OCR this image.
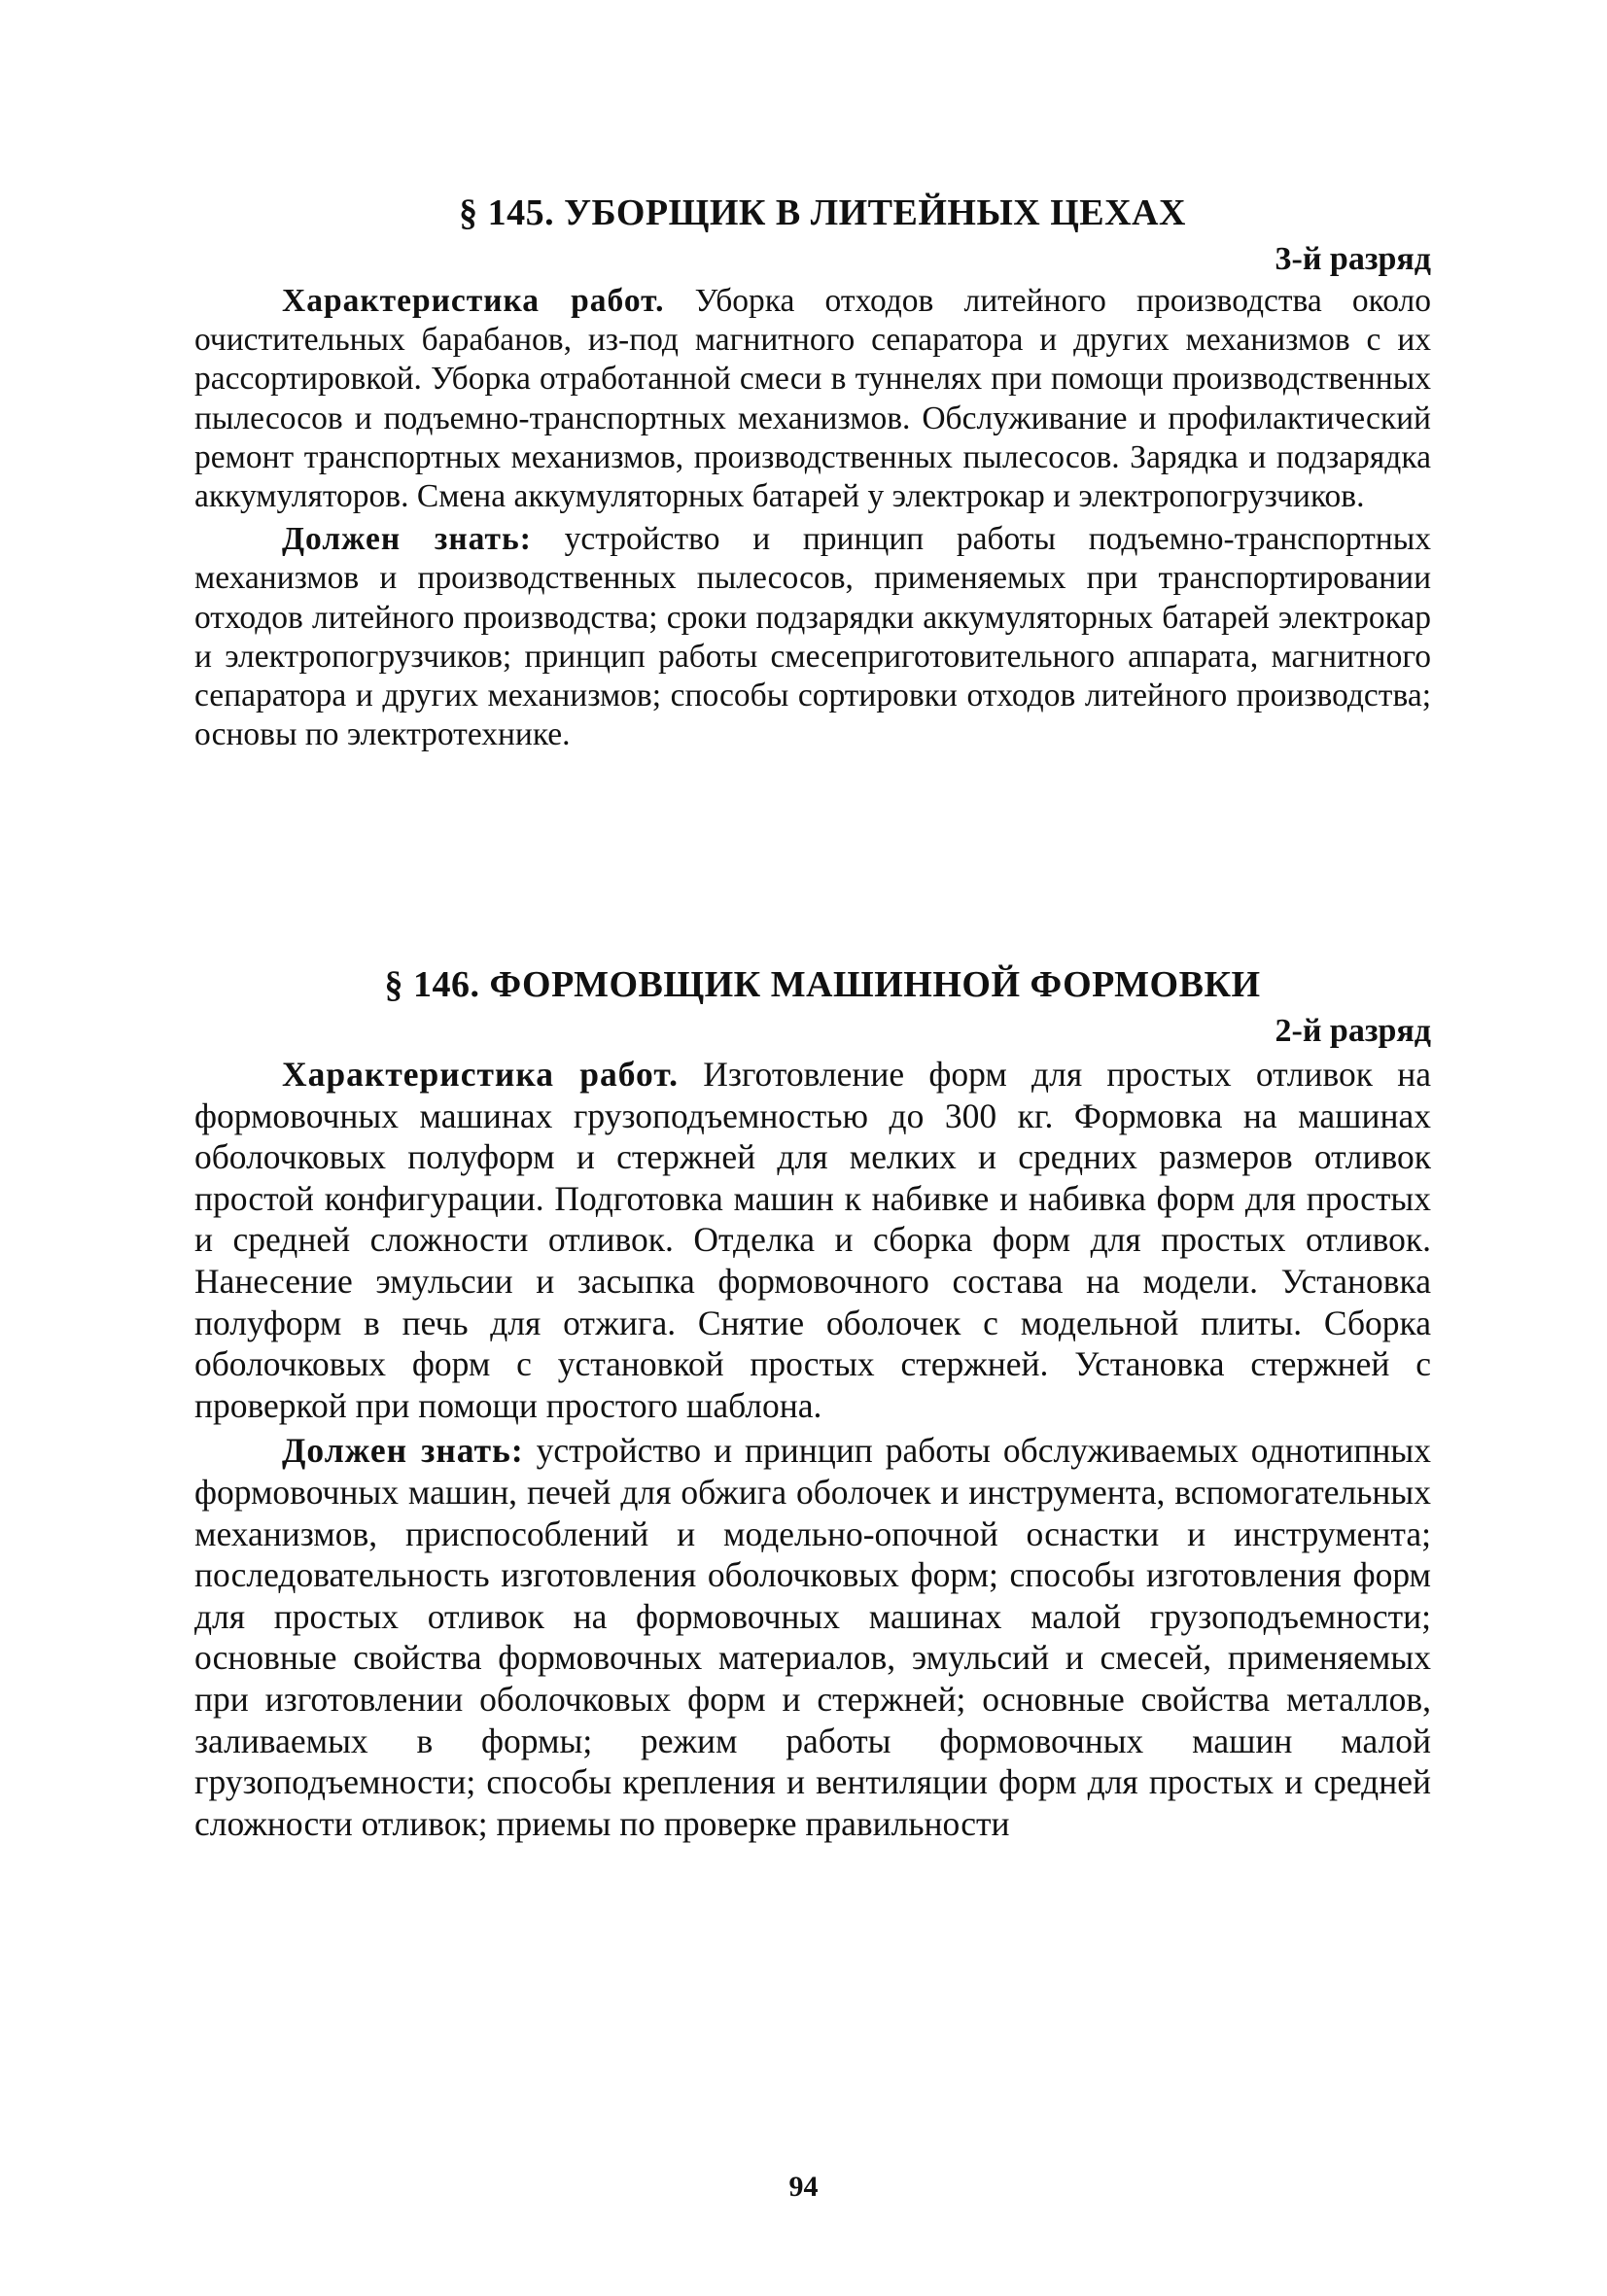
§ 145. УБОРЩИК В ЛИТЕЙНЫХ ЦЕХАХ
3-й разряд

Характеристика работ. Уборка отходов литейного производства около очистительных барабанов, из-под магнитного сепаратора и других механизмов с их рассортировкой. Уборка отработанной смеси в туннелях при помощи производственных пылесосов и подъемно-транспортных механизмов. Обслуживание и профилактический ремонт транспортных механизмов, производственных пылесосов. Зарядка и подзарядка аккумуляторов. Смена аккумуляторных батарей у электрокар и электропогрузчиков.

Должен знать: устройство и принцип работы подъемно-транспортных механизмов и производственных пылесосов, применяемых при транспортировании отходов литейного производства; сроки подзарядки аккумуляторных батарей электрокар и электропогрузчиков; принцип работы смесеприготовительного аппарата, магнитного сепаратора и других механизмов; способы сортировки отходов литейного производства; основы по электротехнике.

§ 146. ФОРМОВЩИК МАШИННОЙ ФОРМОВКИ
2-й разряд

Характеристика работ. Изготовление форм для простых отливок на формовочных машинах грузоподъемностью до 300 кг. Формовка на машинах оболочковых полуформ и стержней для мелких и средних размеров отливок простой конфигурации. Подготовка машин к набивке и набивка форм для простых и средней сложности отливок. Отделка и сборка форм для простых отливок. Нанесение эмульсии и засыпка формовочного состава на модели. Установка полуформ в печь для отжига. Снятие оболочек с модельной плиты. Сборка оболочковых форм с установкой простых стержней. Установка стержней с проверкой при помощи простого шаблона.

Должен знать: устройство и принцип работы обслуживаемых однотипных формовочных машин, печей для обжига оболочек и инструмента, вспомогательных механизмов, приспособлений и модельно-опочной оснастки и инструмента; последовательность изготовления оболочковых форм; способы изготовления форм для простых отливок на формовочных машинах малой грузоподъемности; основные свойства формовочных материалов, эмульсий и смесей, применяемых при изготовлении оболочковых форм и стержней; основные свойства металлов, заливаемых в формы; режим работы формовочных машин малой грузоподъемности; способы крепления и вентиляции форм для простых и средней сложности отливок; приемы по проверке правильности

94
